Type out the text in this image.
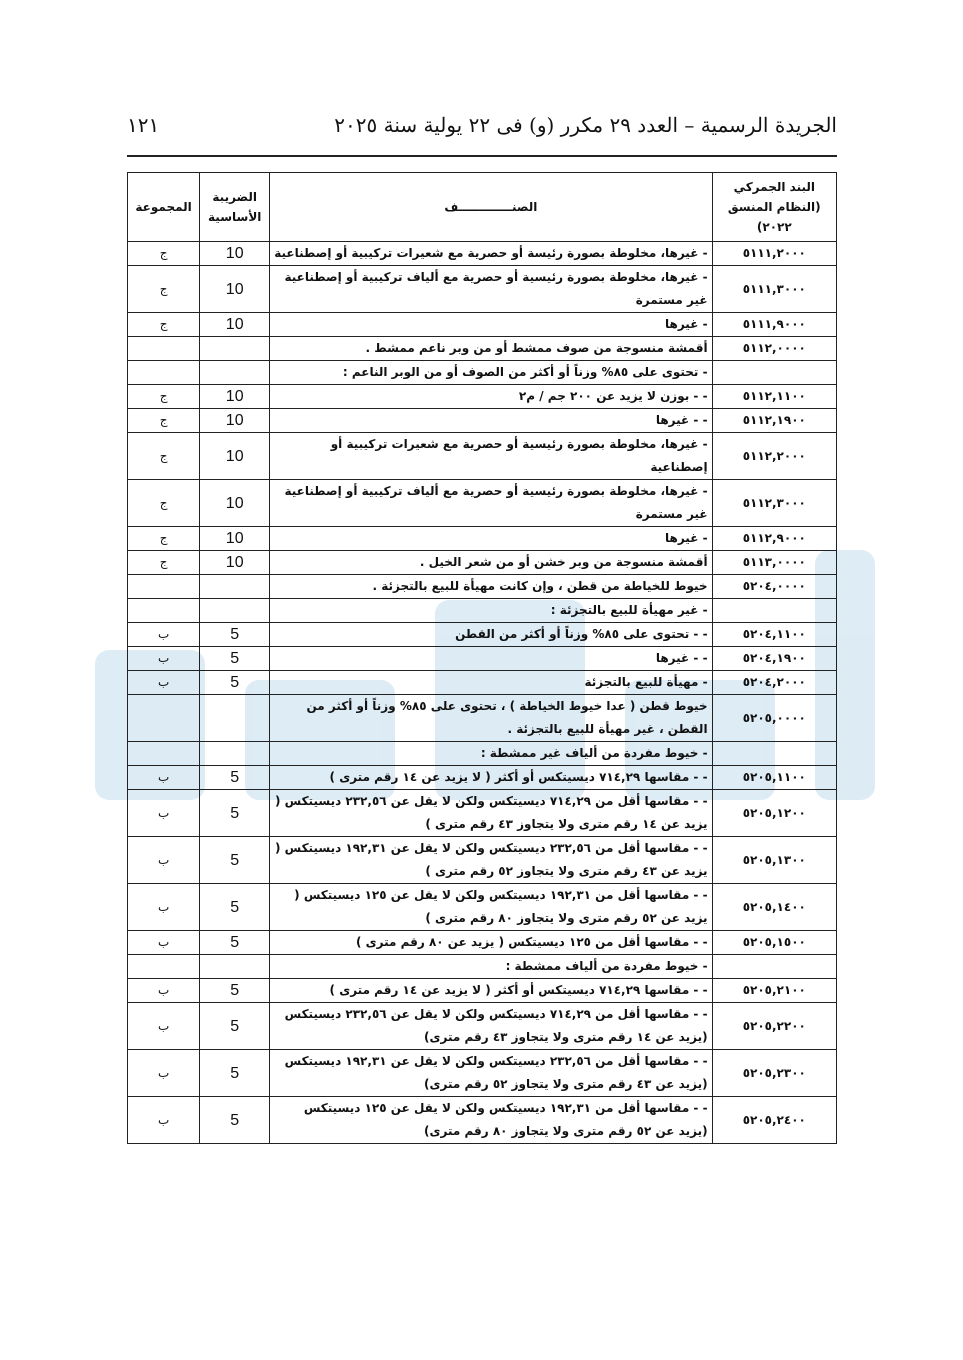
الجريدة الرسمية – العدد ٢٩ مكرر (و) فى ٢٢ يولية سنة ٢٠٢٥
١٢١
البند الجمركي (النظام المنسق ٢٠٢٢)	الصنـــــــــــــف	الضريبة الأساسية	المجموعة
٥١١١,٢٠٠٠	- غيرها، مخلوطة بصورة رئيسة أو حصرية مع شعيرات تركيبية أو إصطناعية	10	ج
٥١١١,٣٠٠٠	- غيرها، مخلوطة بصورة رئيسية أو حصرية مع ألياف تركيبية أو إصطناعية غير مستمرة	10	ج
٥١١١,٩٠٠٠	- غيرها	10	ج
٥١١٢,٠٠٠٠	أقمشة منسوجة من صوف ممشط أو من وبر ناعم ممشط .		
	- تحتوى على ٨٥% وزناً أو أكثر من الصوف أو من الوبر الناعم :		
٥١١٢,١١٠٠	- - بوزن لا يزيد عن ٢٠٠ جم / م٢	10	ج
٥١١٢,١٩٠٠	- - غيرها	10	ج
٥١١٢,٢٠٠٠	- غيرها، مخلوطة بصورة رئيسية أو حصرية مع شعيرات تركيبية أو إصطناعية	10	ج
٥١١٢,٣٠٠٠	- غيرها، مخلوطة بصورة رئيسية أو حصرية مع ألياف تركيبية أو إصطناعية غير مستمرة	10	ج
٥١١٢,٩٠٠٠	- غيرها	10	ج
٥١١٣,٠٠٠٠	أقمشة منسوجة من وبر خشن أو من شعر الخيل .	10	ج
٥٢٠٤,٠٠٠٠	خيوط للخياطة من قطن ، وإن كانت مهيأة للبيع بالتجزئة .		
	- غير مهيأة للبيع بالتجزئة :		
٥٢٠٤,١١٠٠	- - تحتوى على ٨٥% وزناً أو أكثر من القطن	5	ب
٥٢٠٤,١٩٠٠	- - غيرها	5	ب
٥٢٠٤,٢٠٠٠	- مهيأة للبيع بالتجزئة	5	ب
٥٢٠٥,٠٠٠٠	خيوط قطن ( عدا خيوط الخياطة ) ، تحتوى على ٨٥% وزناً أو أكثر من القطن ، غير مهيأة للبيع بالتجزئة .		
	- خيوط مفردة من ألياف غير ممشطة :		
٥٢٠٥,١١٠٠	- - مقاسها ٧١٤,٢٩ ديسيتكس أو أكثر ( لا يزيد عن ١٤ رقم مترى )	5	ب
٥٢٠٥,١٢٠٠	- - مقاسها أقل من ٧١٤,٢٩ ديسيتكس ولكن لا يقل عن ٢٣٢,٥٦ ديسيتكس ( يزيد عن ١٤ رقم مترى ولا يتجاوز ٤٣ رقم مترى )	5	ب
٥٢٠٥,١٣٠٠	- - مقاسها أقل من ٢٣٢,٥٦ ديسيتكس ولكن لا يقل عن ١٩٢,٣١ ديسيتكس ( يزيد عن ٤٣ رقم مترى ولا يتجاوز ٥٢ رقم مترى )	5	ب
٥٢٠٥,١٤٠٠	- - مقاسها أقل من ١٩٢,٣١ ديسيتكس ولكن لا يقل عن ١٢٥ ديسيتكس ( يزيد عن ٥٢ رقم مترى ولا يتجاوز ٨٠ رقم مترى )	5	ب
٥٢٠٥,١٥٠٠	- - مقاسها أقل من ١٢٥ ديسيتكس ( يزيد عن ٨٠ رقم مترى )	5	ب
	- خيوط مفردة من ألياف ممشطة :		
٥٢٠٥,٢١٠٠	- - مقاسها ٧١٤,٢٩ ديسيتكس أو أكثر ( لا يزيد عن ١٤ رقم مترى )	5	ب
٥٢٠٥,٢٢٠٠	- - مقاسها أقل من ٧١٤,٢٩ ديسيتكس ولكن لا يقل عن ٢٣٢,٥٦ ديسيتكس (يزيد عن ١٤ رقم مترى ولا يتجاوز ٤٣ رقم مترى)	5	ب
٥٢٠٥,٢٣٠٠	- - مقاسها أقل من ٢٣٢,٥٦ ديسيتكس ولكن لا يقل عن ١٩٢,٣١ ديسيتكس (يزيد عن ٤٣ رقم مترى ولا يتجاوز ٥٢ رقم مترى)	5	ب
٥٢٠٥,٢٤٠٠	- - مقاسها أقل من ١٩٢,٣١ ديسيتكس ولكن لا يقل عن ١٢٥ ديسيتكس (يزيد عن ٥٢ رقم مترى ولا يتجاوز ٨٠ رقم مترى)	5	ب
